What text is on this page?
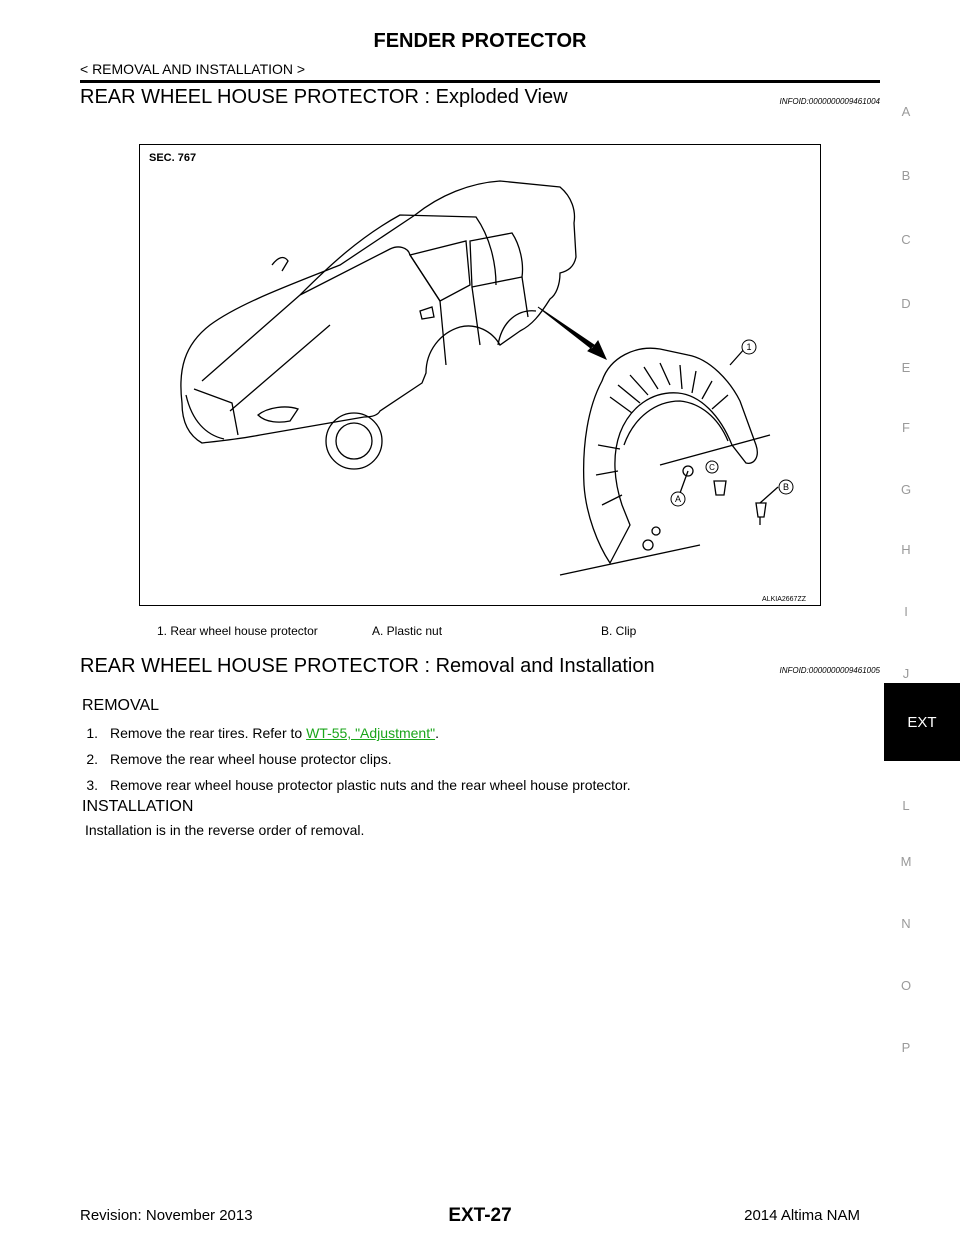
FENDER PROTECTOR
< REMOVAL AND INSTALLATION >
REAR WHEEL HOUSE PROTECTOR : Exploded View	INFOID:0000000009461004
A
B
C
D
E
F
G
H
I
J
L
M
N
O
P
EXT
1
A
B
C
SEC. 767
ALKIA2667ZZ
1. Rear wheel house protector	A. Plastic nut	B. Clip
REAR WHEEL HOUSE PROTECTOR : Removal and Installation	INFOID:0000000009461005
REMOVAL
1. Remove the rear tires. Refer to WT-55, "Adjustment".
2. Remove the rear wheel house protector clips.
3. Remove rear wheel house protector plastic nuts and the rear wheel house protector.
INSTALLATION
Installation is in the reverse order of removal.
Revision: November 2013	EXT-27	2014 Altima NAM
